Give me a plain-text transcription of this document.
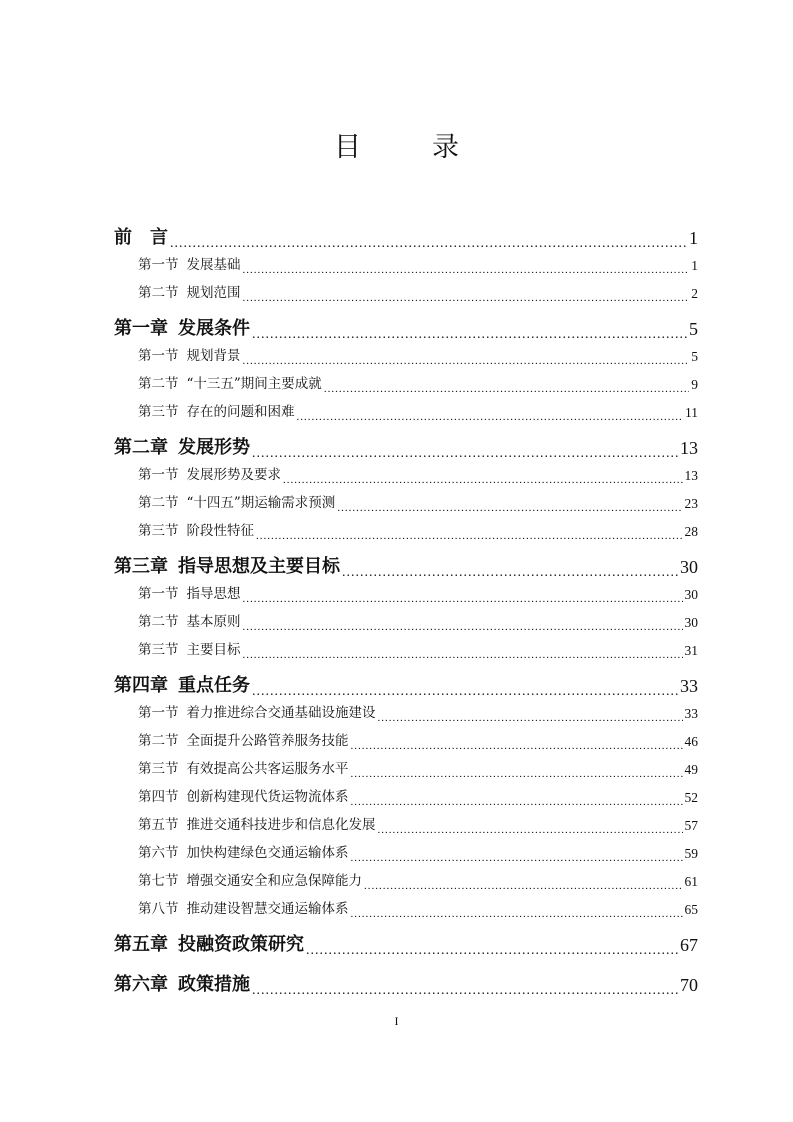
目　录
前　言 .....	1
第一节 发展基础 .....	1
第二节 规划范围 .....	2
第一章 发展条件 .....	5
第一节 规划背景 .....	5
第二节 “十三五”期间主要成就 .....	9
第三节 存在的问题和困难 .....	11
第二章 发展形势 .....	13
第一节 发展形势及要求 .....	13
第二节 “十四五”期运输需求预测 .....	23
第三节 阶段性特征 .....	28
第三章 指导思想及主要目标 .....	30
第一节 指导思想 .....	30
第二节 基本原则 .....	30
第三节 主要目标 .....	31
第四章 重点任务 .....	33
第一节 着力推进综合交通基础设施建设 .....	33
第二节 全面提升公路管养服务技能 .....	46
第三节 有效提高公共客运服务水平 .....	49
第四节 创新构建现代货运物流体系 .....	52
第五节 推进交通科技进步和信息化发展 .....	57
第六节 加快构建绿色交通运输体系 .....	59
第七节 增强交通安全和应急保障能力 .....	61
第八节 推动建设智慧交通运输体系 .....	65
第五章 投融资政策研究 .....	67
第六章 政策措施 .....	70
I
